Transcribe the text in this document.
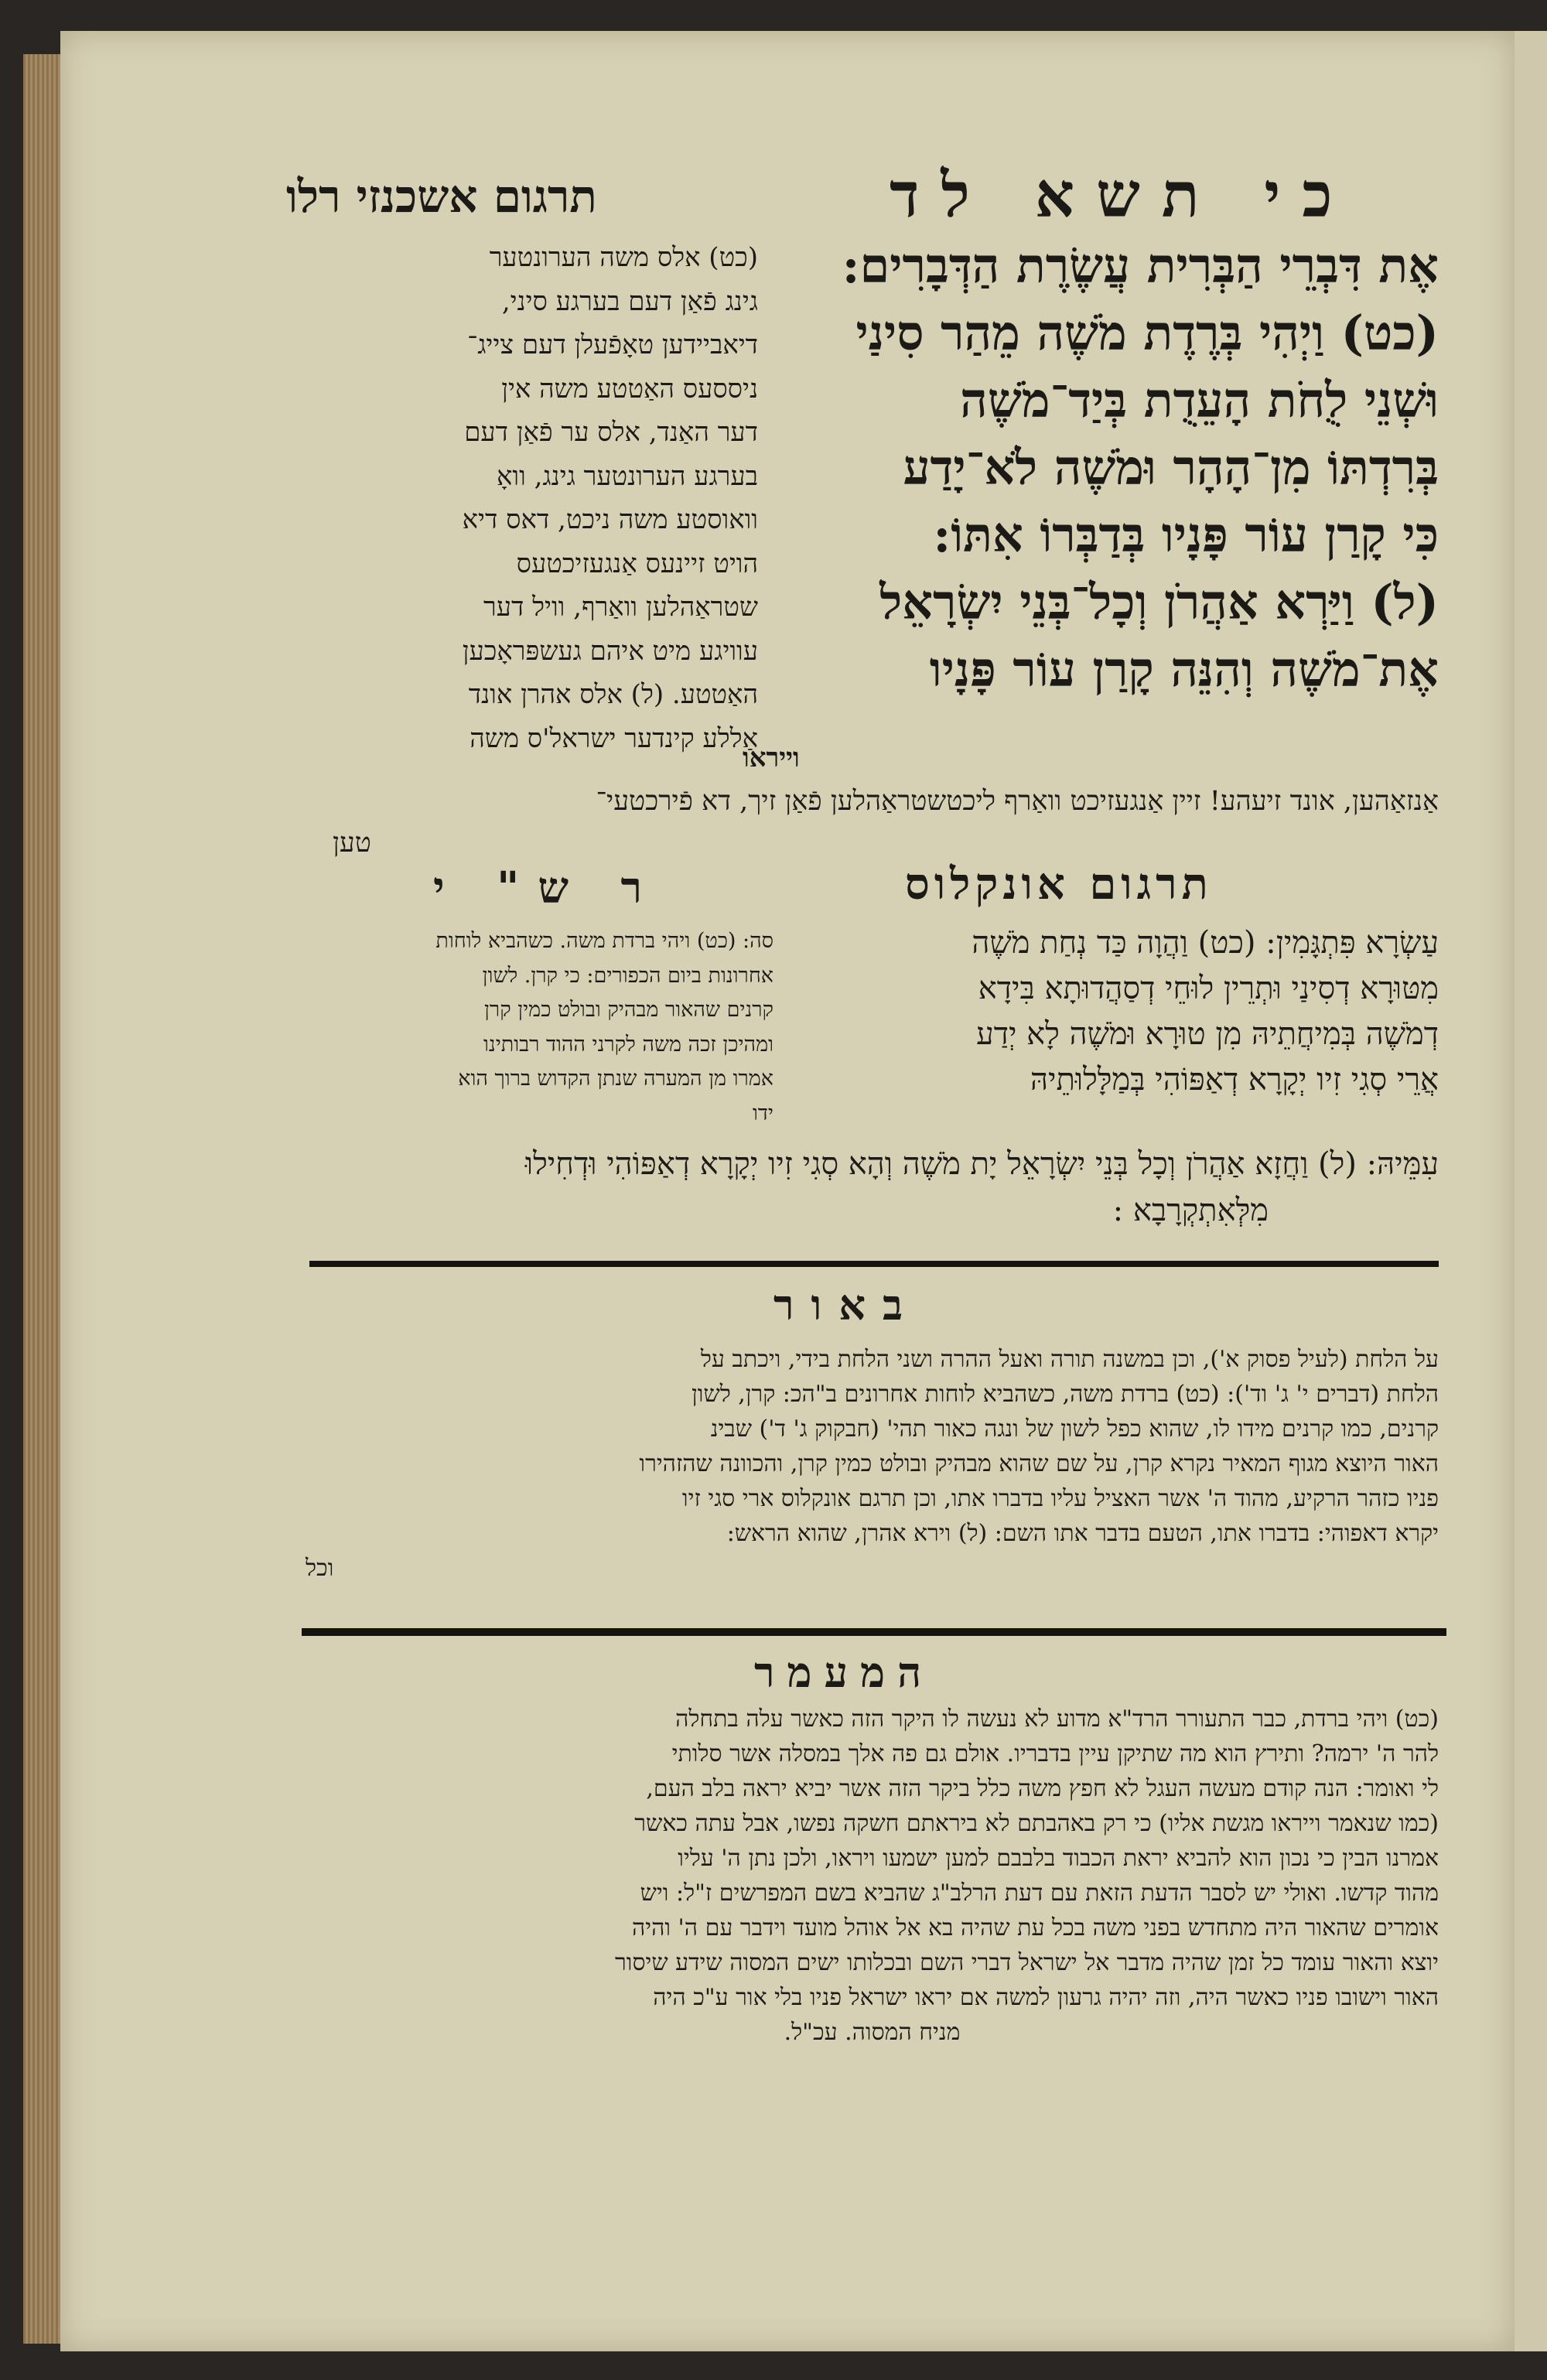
תרגום אשכנזי רלו	כי תשא לד

אֶת דִּבְרֵי הַבְּרִית עֲשֶׂרֶת הַדְּבָרִים:

(כט) וַיְהִי בְּרֶדֶת מֹשֶׁה מֵהַר סִינַי

וּשְׁנֵי לֻחֹת הָעֵדֻת בְּיַד־מֹשֶׁה

בְּרִדְתּוֹ מִן־הָהָר וּמֹשֶׁה לֹא־יָדַע

כִּי קָרַן עוֹר פָּנָיו בְּדַבְּרוֹ אִתּוֹ:

(ל) וַיַּרְא אַהֲרֹן וְכָל־בְּנֵי יִשְׂרָאֵל

אֶת־מֹשֶׁה וְהִנֵּה קָרַן עוֹר פָּנָיו

וייראו

(כט) אלס משה הערונטער

גינג פֿאַן דעם בערגע סיני,

דיאביידען טאָפֿעלן דעם צייג־

ניססעס האַטטע משה אין

דער האַנד, אלס ער פֿאַן דעם

בערגע הערונטער גינג, וואָ

וואוסטע משה ניכט, דאס דיא

הויט זיינעס אַנגעזיכטעס

שטראַהלען וואַרף, וויל דער

עוויגע מיט איהם געשפּראָכען

האַטטע. (ל) אלס אהרן אונד

אַללע קינדער ישראל'ס משה

אַנזאַהען, אונד זיעהע! זיין אַנגעזיכט וואַרף ליכטשטראַהלען פֿאַן זיך, דא פֿירכטעי־
טען
תרגום אונקלוס
ר ש" י

עַשְׂרָא פִּתְגָּמִין: (כט) וַהֲוָה כַּד נְחַת מֹשֶׁה

מִטּוּרָא דְסִינַי וּתְרֵין לוּחֵי דְסַהֲדוּתָא בִּידָא

דְמֹשֶׁה בְּמִיחֲתֵיהּ מִן טוּרָא וּמֹשֶׁה לָא יְדַע

אֲרֵי סְגִי זִיו יְקָרָא דְאַפּוֹהִי בְּמַלָּלוּתֵיהּ

עִמֵּיהּ: (ל) וַחֲזָא אַהֲרֹן וְכָל בְּנֵי יִשְׂרָאֵל יָת מֹשֶׁה וְהָא סְגִי זִיו יְקָרָא דְאַפּוֹהִי וּדְחִילוּ

מִלְּאִתְקְרָבָא :

סה: (כט) ויהי ברדת משה. כשהביא לוחות

אחרונות ביום הכפורים: כי קרן. לשון

קרנים שהאור מבהיק ובולט כמין קרן

ומהיכן זכה משה לקרני ההוד רבותינו

אמרו מן המערה שנתן הקדוש ברוך הוא

ידו

באור

על הלחת (לעיל פסוק א'), וכן במשנה תורה ואעל ההרה ושני הלחת בידי, ויכתב על

הלחת (דברים י' ג' וד'): (כט) ברדת משה, כשהביא לוחות אחרונים ב"הכ: קרן, לשון

קרנים, כמו קרנים מידו לו, שהוא כפל לשון של ונגה כאור תהי' (חבקוק ג' ד') שבינ

האור היוצא מגוף המאיר נקרא קרן, על שם שהוא מבהיק ובולט כמין קרן, והכוונה שהזהירו

פניו כזהר הרקיע, מהוד ה' אשר האציל עליו בדברו אתו, וכן תרגם אונקלוס ארי סגי זיו

יקרא דאפוהי: בדברו אתו, הטעם בדבר אתו השם: (ל) וירא אהרן, שהוא הראש:

וכל

המעמר

(כט) ויהי ברדת, כבר התעורר הרד"א מדוע לא נעשה לו היקר הזה כאשר עלה בתחלה

להר ה' ירמה? ותירץ הוא מה שתיקן עיין בדבריו. אולם גם פה אלך במסלה אשר סלותי

לי ואומר: הנה קודם מעשה העגל לא חפץ משה כלל ביקר הזה אשר יביא יראה בלב העם,

(כמו שנאמר וייראו מגשת אליו) כי רק באהבתם לא ביראתם חשקה נפשו, אבל עתה כאשר

אמרנו הבין כי נכון הוא להביא יראת הכבוד בלבבם למען ישמעו ויראו, ולכן נתן ה' עליו

מהוד קדשו. ואולי יש לסבר הדעת הזאת עם דעת הרלב"ג שהביא בשם המפרשים ז"ל: ויש

אומרים שהאור היה מתחדש בפני משה בכל עת שהיה בא אל אוהל מועד וידבר עם ה' והיה

יוצא והאור עומד כל זמן שהיה מדבר אל ישראל דברי השם ובכלותו ישים המסוה שידע שיסור

האור וישובו פניו כאשר היה, וזה יהיה גרעון למשה אם יראו ישראל פניו בלי אור ע"כ היה

מניח המסוה. עכ"ל.
